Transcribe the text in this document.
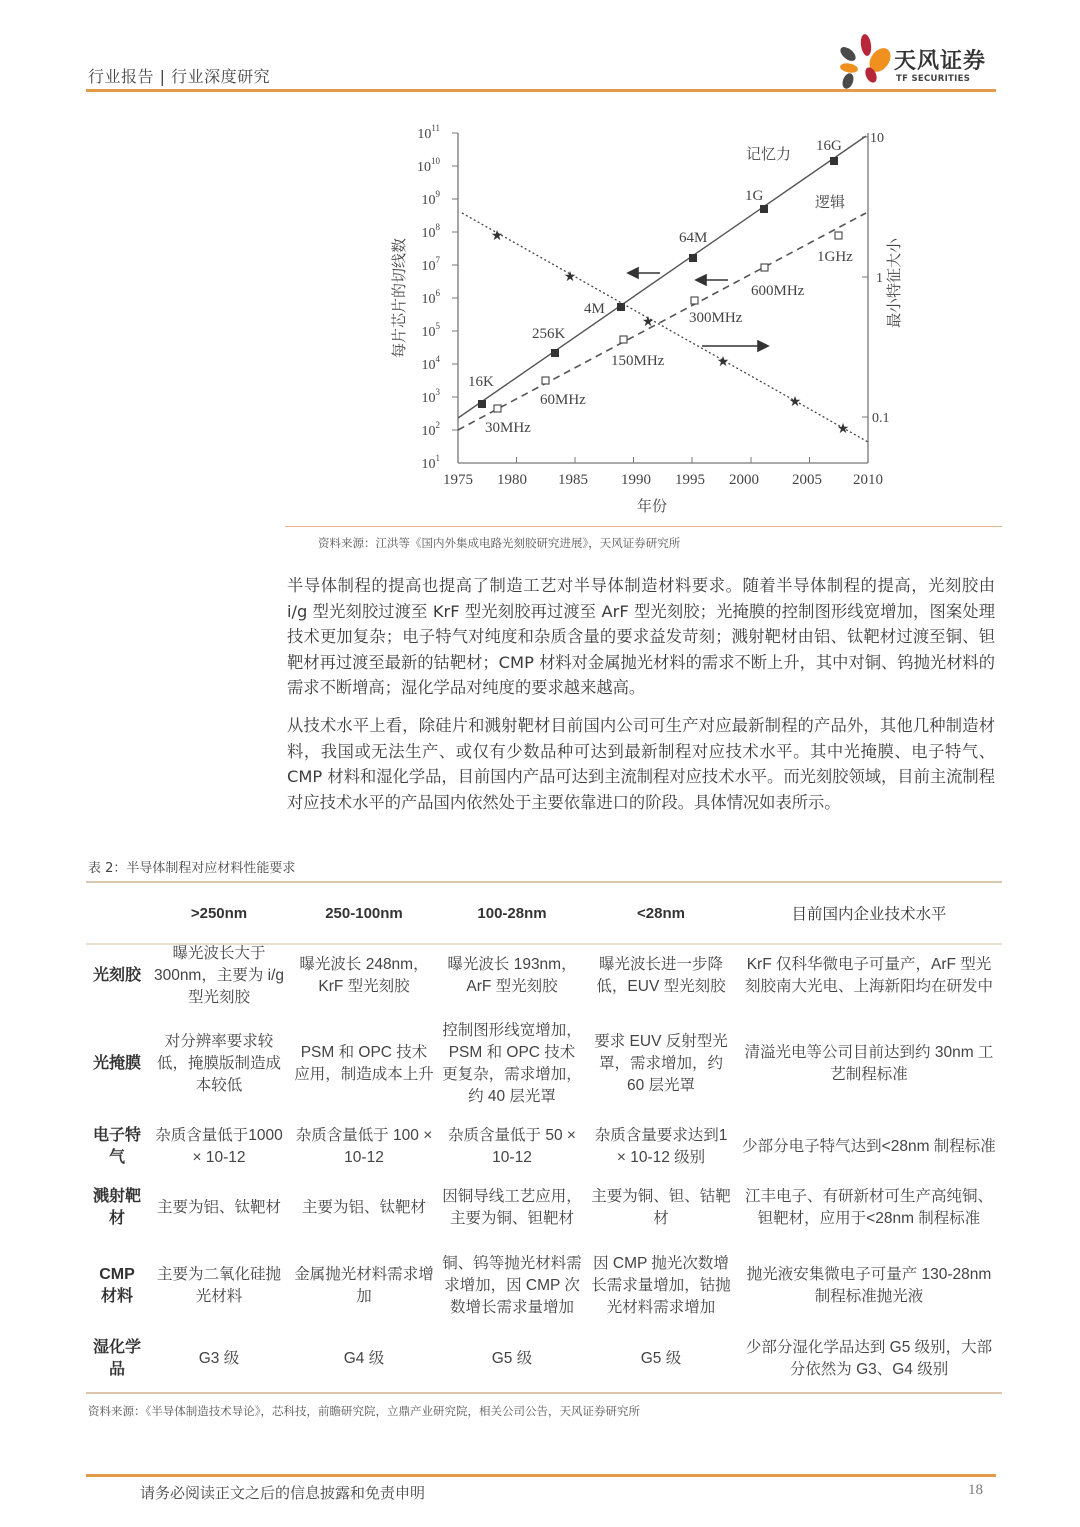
行业报告 | 行业深度研究
天风证券
TF SECURITIES
$10^{11}$
$10^{10}$
$10^9$
$10^8$
$10^7$
$10^6$
$10^5$
$10^4$
$10^3$
$10^2$
$10^1$
1975 1980 1985 1990 1995 2000 2005 2010
年份
每片芯片的切线数
10
1
0.1
最小特征大小
16K
256K
4M
64M
1G
16G
记忆力
30MHz
60MHz
150MHz
300MHz
600MHz
1GHz
逻辑
★
★
★
★
★
★
资料来源：江洪等《国内外集成电路光刻胶研究进展》，天风证券研究所

半导体制程的提高也提高了制造工艺对半导体制造材料要求。随着半导体制程的提高，光刻胶由 i/g 型光刻胶过渡至 KrF 型光刻胶再过渡至 ArF 型光刻胶；光掩膜的控制图形线宽增加，图案处理技术更加复杂；电子特气对纯度和杂质含量的要求益发苛刻；溅射靶材由铝、钛靶材过渡至铜、钽靶材再过渡至最新的钴靶材；CMP 材料对金属抛光材料的需求不断上升，其中对铜、钨抛光材料的需求不断增高；湿化学品对纯度的要求越来越高。

从技术水平上看，除硅片和溅射靶材目前国内公司可生产对应最新制程的产品外，其他几种制造材料，我国或无法生产、或仅有少数品种可达到最新制程对应技术水平。其中光掩膜、电子特气、CMP 材料和湿化学品，目前国内产品可达到主流制程对应技术水平。而光刻胶领域，目前主流制程对应技术水平的产品国内依然处于主要依靠进口的阶段。具体情况如表所示。

表 2：半导体制程对应材料性能要求
	>250nm	250-100nm	100-28nm	<28nm	目前国内企业技术水平
光刻胶	曝光波长大于300nm，主要为 i/g 型光刻胶	曝光波长 248nm，KrF 型光刻胶	曝光波长 193nm，ArF 型光刻胶	曝光波长进一步降低，EUV 型光刻胶	KrF 仅科华微电子可量产，ArF 型光刻胶南大光电、上海新阳均在研发中
光掩膜	对分辨率要求较低，掩膜版制造成本较低	PSM 和 OPC 技术应用，制造成本上升	控制图形线宽增加，PSM 和 OPC 技术更复杂，需求增加，约 40 层光罩	要求 EUV 反射型光罩，需求增加，约 60 层光罩	清溢光电等公司目前达到约 30nm 工艺制程标准
电子特气	杂质含量低于1000 × 10-12	杂质含量低于 100 × 10-12	杂质含量低于 50 × 10-12	杂质含量要求达到1 × 10-12 级别	少部分电子特气达到<28nm 制程标准
溅射靶材	主要为铝、钛靶材	主要为铝、钛靶材	因铜导线工艺应用，主要为铜、钽靶材	主要为铜、钽、钴靶材	江丰电子、有研新材可生产高纯铜、钽靶材，应用于<28nm 制程标准
CMP 材料	主要为二氧化硅抛光材料	金属抛光材料需求增加	铜、钨等抛光材料需求增加，因 CMP 次数增长需求量增加	因 CMP 抛光次数增长需求量增加，钴抛光材料需求增加	抛光液安集微电子可量产 130-28nm 制程标准抛光液
湿化学品	G3 级	G4 级	G5 级	G5 级	少部分湿化学品达到 G5 级别，大部分依然为 G3、G4 级别
资料来源：《半导体制造技术导论》，芯科技，前瞻研究院，立鼎产业研究院，相关公司公告，天风证券研究所
请务必阅读正文之后的信息披露和免责申明	18
